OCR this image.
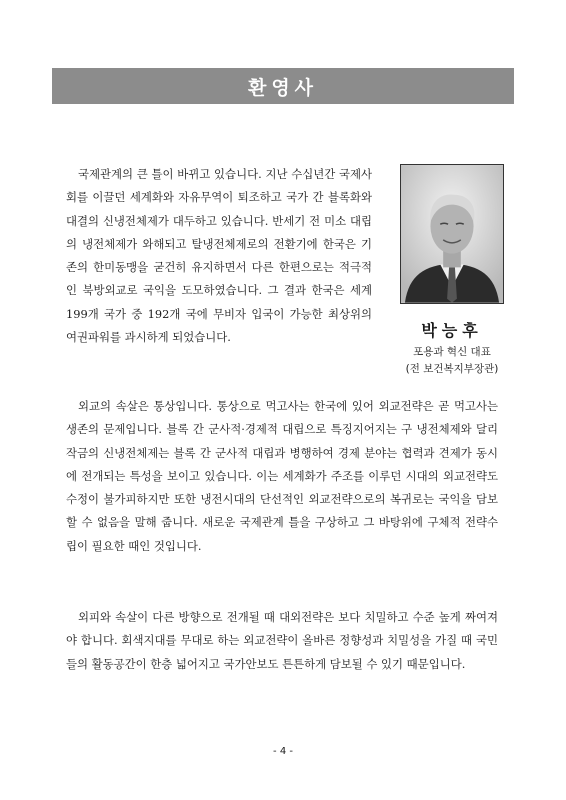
환영사

국제관계의 큰 틀이 바뀌고 있습니다. 지난 수십년간 국제사회를 이끌던 세계화와 자유무역이 퇴조하고 국가 간 블록화와 대결의 신냉전체제가 대두하고 있습니다. 반세기 전 미소 대립의 냉전체제가 와해되고 탈냉전체제로의 전환기에 한국은 기존의 한미동맹을 굳건히 유지하면서 다른 한편으로는 적극적인 북방외교로 국익을 도모하였습니다. 그 결과 한국은 세계 199개 국가 중 192개 국에 무비자 입국이 가능한 최상위의 여권파워를 과시하게 되었습니다.	박능후
포용과 혁신 대표
(전 보건복지부장관)

외교의 속살은 통상입니다. 통상으로 먹고사는 한국에 있어 외교전략은 곧 먹고사는 생존의 문제입니다. 블록 간 군사적·경제적 대립으로 특징지어지는 구 냉전체제와 달리 작금의 신냉전체제는 블록 간 군사적 대립과 병행하여 경제 분야는 협력과 견제가 동시에 전개되는 특성을 보이고 있습니다. 이는 세계화가 주조를 이루던 시대의 외교전략도 수정이 불가피하지만 또한 냉전시대의 단선적인 외교전략으로의 복귀로는 국익을 담보할 수 없음을 말해 줍니다. 새로운 국제관계 틀을 구상하고 그 바탕위에 구체적 전략수립이 필요한 때인 것입니다.

외피와 속살이 다른 방향으로 전개될 때 대외전략은 보다 치밀하고 수준 높게 짜여져야 합니다. 회색지대를 무대로 하는 외교전략이 올바른 정향성과 치밀성을 가질 때 국민들의 활동공간이 한층 넓어지고 국가안보도 튼튼하게 담보될 수 있기 때문입니다.

- 4 -
